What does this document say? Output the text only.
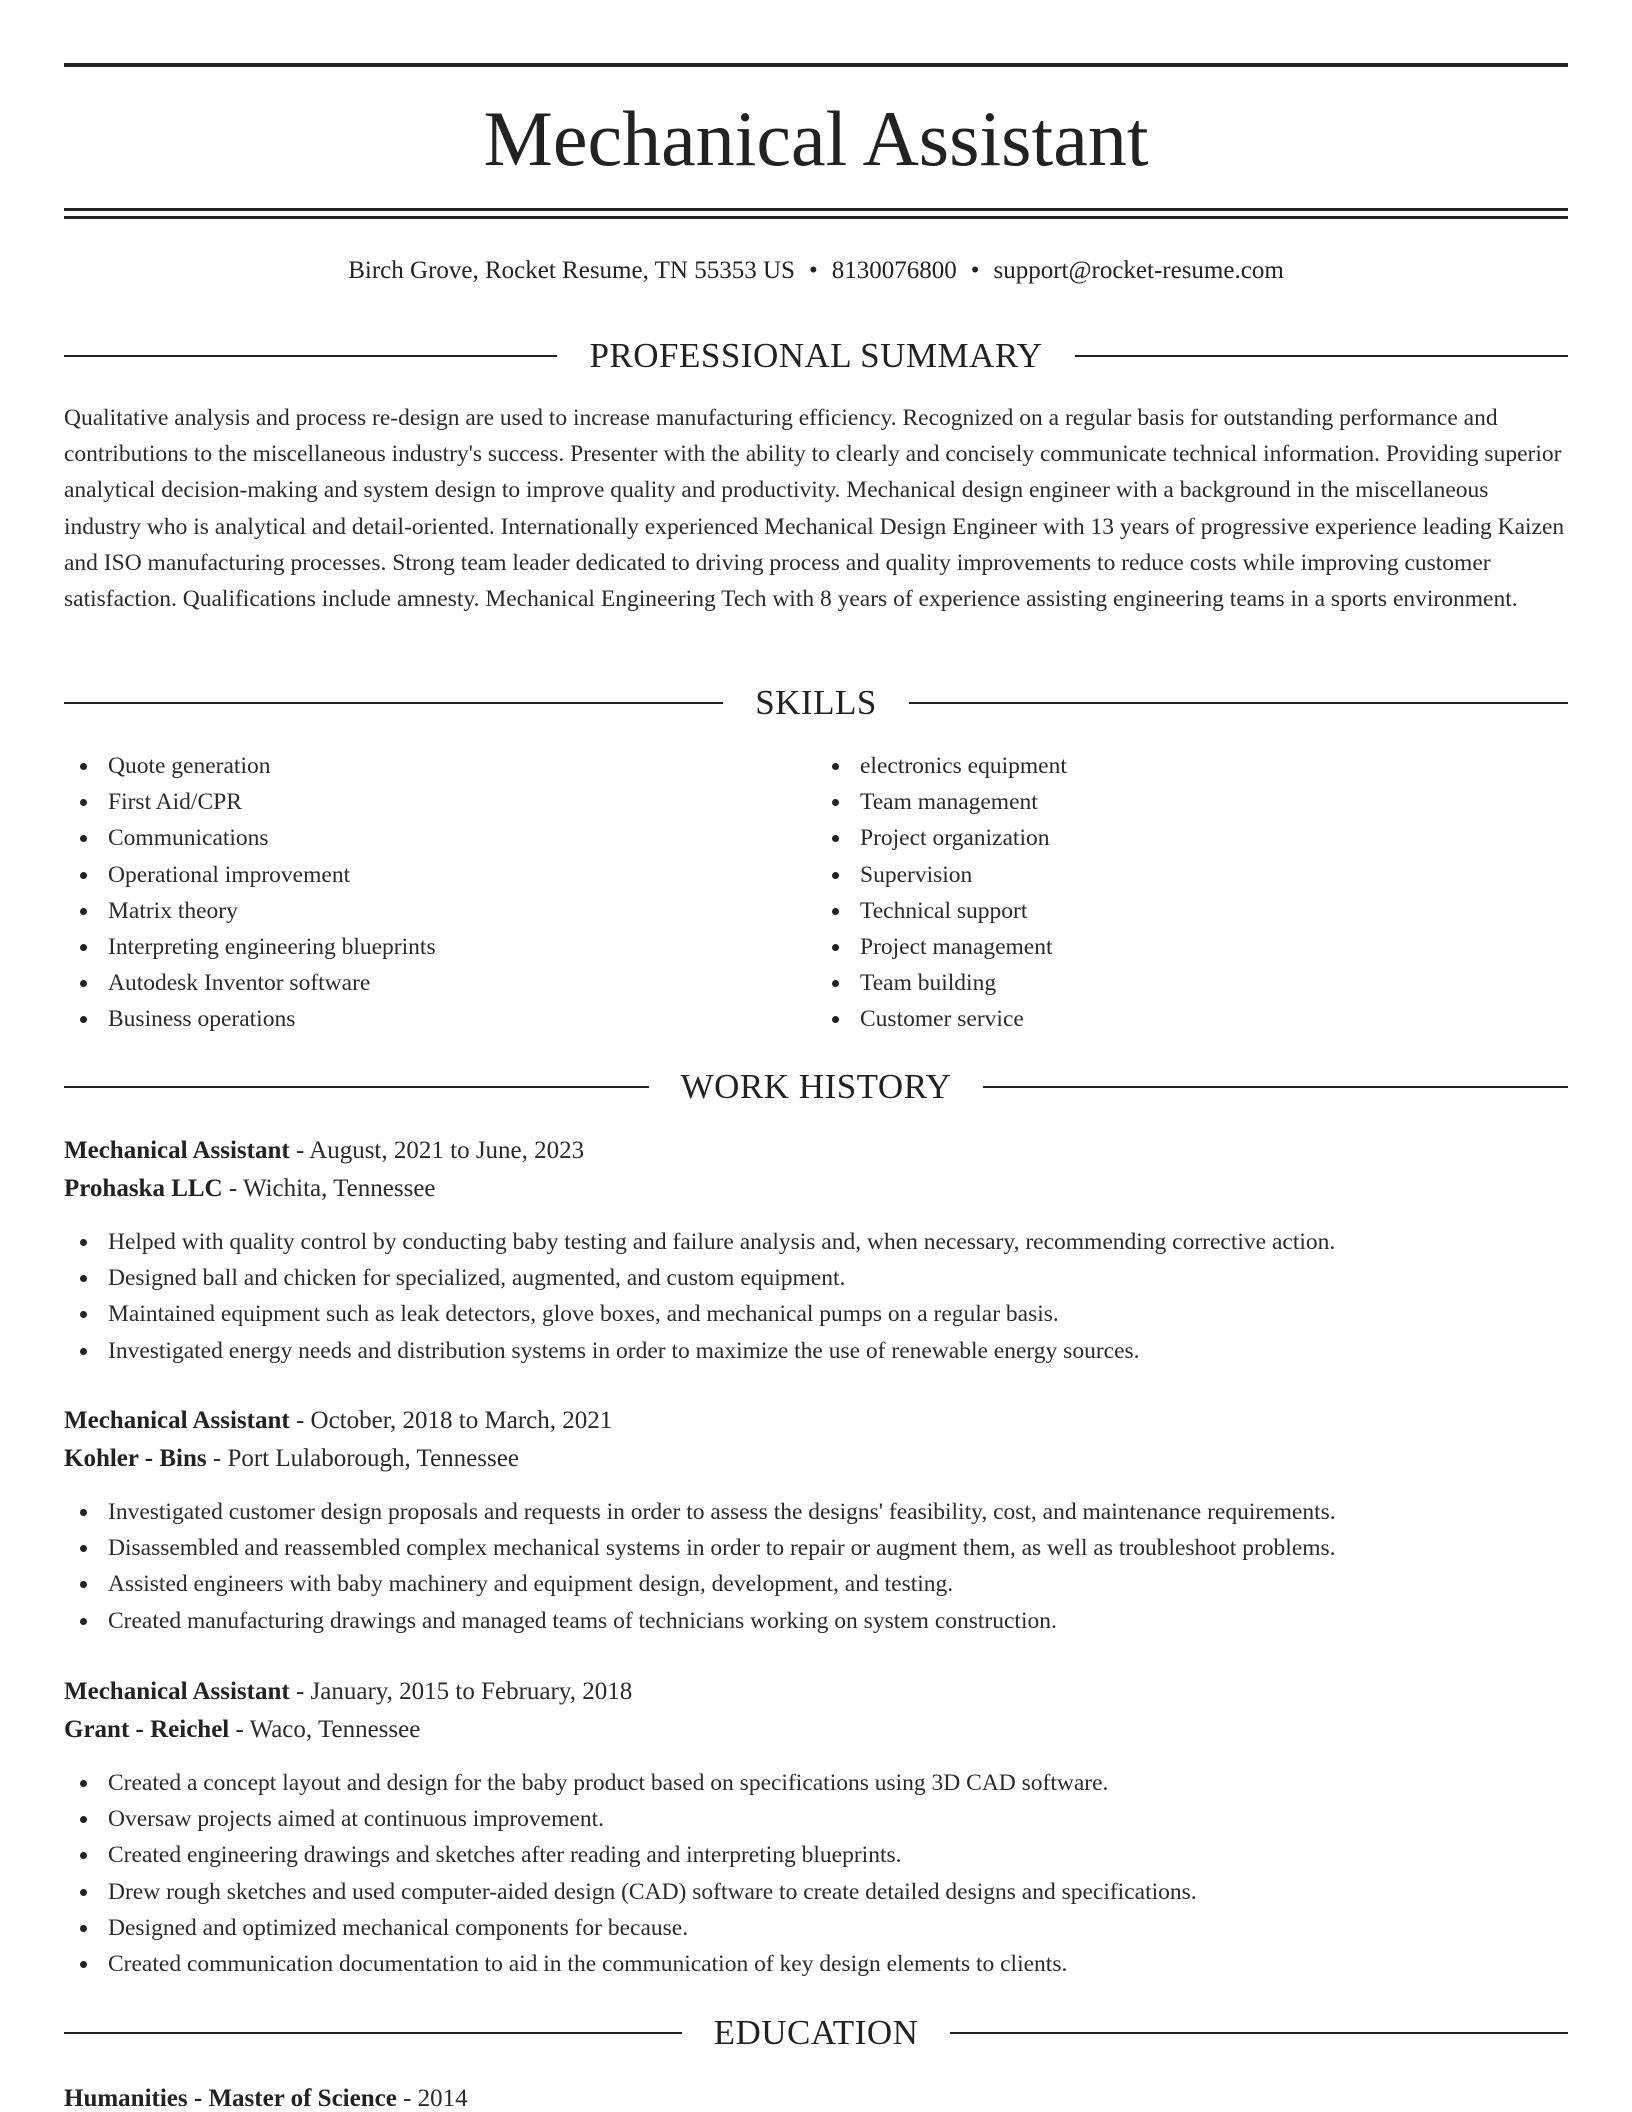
Mechanical Assistant
Birch Grove, Rocket Resume, TN 55353 US • 8130076800 • support@rocket-resume.com
PROFESSIONAL SUMMARY

Qualitative analysis and process re-design are used to increase manufacturing efficiency. Recognized on a regular basis for outstanding performance and contributions to the miscellaneous industry's success. Presenter with the ability to clearly and concisely communicate technical information. Providing superior analytical decision-making and system design to improve quality and productivity. Mechanical design engineer with a background in the miscellaneous industry who is analytical and detail-oriented. Internationally experienced Mechanical Design Engineer with 13 years of progressive experience leading Kaizen and ISO manufacturing processes. Strong team leader dedicated to driving process and quality improvements to reduce costs while improving customer satisfaction. Qualifications include amnesty. Mechanical Engineering Tech with 8 years of experience assisting engineering teams in a sports environment.

SKILLS
Quote generation
First Aid/CPR
Communications
Operational improvement
Matrix theory
Interpreting engineering blueprints
Autodesk Inventor software
Business operations
electronics equipment
Team management
Project organization
Supervision
Technical support
Project management
Team building
Customer service
WORK HISTORY
Mechanical Assistant - August, 2021 to June, 2023
Prohaska LLC - Wichita, Tennessee
Helped with quality control by conducting baby testing and failure analysis and, when necessary, recommending corrective action.
Designed ball and chicken for specialized, augmented, and custom equipment.
Maintained equipment such as leak detectors, glove boxes, and mechanical pumps on a regular basis.
Investigated energy needs and distribution systems in order to maximize the use of renewable energy sources.
Mechanical Assistant - October, 2018 to March, 2021
Kohler - Bins - Port Lulaborough, Tennessee
Investigated customer design proposals and requests in order to assess the designs' feasibility, cost, and maintenance requirements.
Disassembled and reassembled complex mechanical systems in order to repair or augment them, as well as troubleshoot problems.
Assisted engineers with baby machinery and equipment design, development, and testing.
Created manufacturing drawings and managed teams of technicians working on system construction.
Mechanical Assistant - January, 2015 to February, 2018
Grant - Reichel - Waco, Tennessee
Created a concept layout and design for the baby product based on specifications using 3D CAD software.
Oversaw projects aimed at continuous improvement.
Created engineering drawings and sketches after reading and interpreting blueprints.
Drew rough sketches and used computer-aided design (CAD) software to create detailed designs and specifications.
Designed and optimized mechanical components for because.
Created communication documentation to aid in the communication of key design elements to clients.
EDUCATION
Humanities - Master of Science - 2014
